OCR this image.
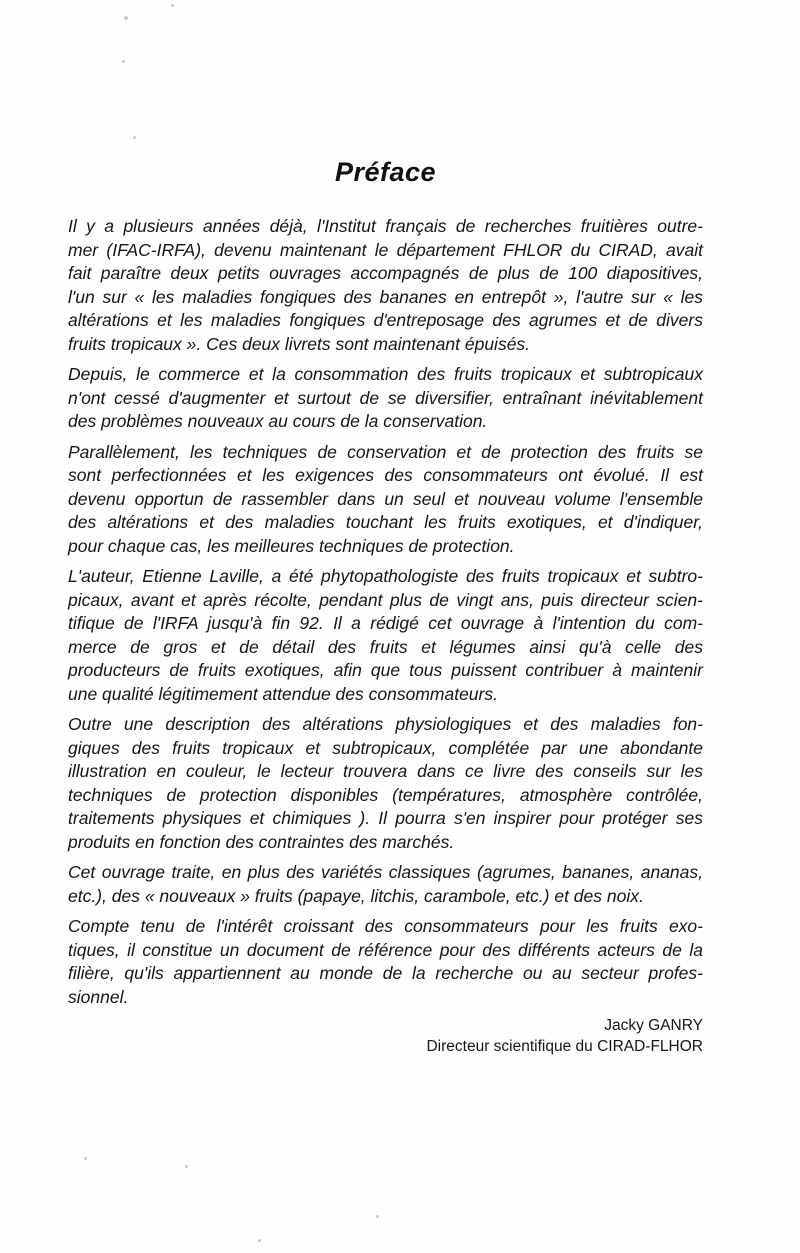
Préface
Il y a plusieurs années déjà, l'Institut français de recherches fruitières outre-
mer (IFAC-IRFA), devenu maintenant le département FHLOR du CIRAD, avait
fait paraître deux petits ouvrages accompagnés de plus de 100 diapositives,
l'un sur « les maladies fongiques des bananes en entrepôt », l'autre sur « les
altérations et les maladies fongiques d'entreposage des agrumes et de divers
fruits tropicaux ». Ces deux livrets sont maintenant épuisés.
Depuis, le commerce et la consommation des fruits tropicaux et subtropicaux
n'ont cessé d'augmenter et surtout de se diversifier, entraînant inévitablement
des problèmes nouveaux au cours de la conservation.
Parallèlement, les techniques de conservation et de protection des fruits se
sont perfectionnées et les exigences des consommateurs ont évolué. Il est
devenu opportun de rassembler dans un seul et nouveau volume l'ensemble
des altérations et des maladies touchant les fruits exotiques, et d'indiquer,
pour chaque cas, les meilleures techniques de protection.
L'auteur, Etienne Laville, a été phytopathologiste des fruits tropicaux et subtro-
picaux, avant et après récolte, pendant plus de vingt ans, puis directeur scien-
tifique de l'IRFA jusqu'à fin 92. Il a rédigé cet ouvrage à l'intention du com-
merce de gros et de détail des fruits et légumes ainsi qu'à celle des
producteurs de fruits exotiques, afin que tous puissent contribuer à maintenir
une qualité légitimement attendue des consommateurs.
Outre une description des altérations physiologiques et des maladies fon-
giques des fruits tropicaux et subtropicaux, complétée par une abondante
illustration en couleur, le lecteur trouvera dans ce livre des conseils sur les
techniques de protection disponibles (températures, atmosphère contrôlée,
traitements physiques et chimiques ). Il pourra s'en inspirer pour protéger ses
produits en fonction des contraintes des marchés.
Cet ouvrage traite, en plus des variétés classiques (agrumes, bananes, ananas,
etc.), des « nouveaux » fruits (papaye, litchis, carambole, etc.) et des noix.
Compte tenu de l'intérêt croissant des consommateurs pour les fruits exo-
tiques, il constitue un document de référence pour des différents acteurs de la
filière, qu'ils appartiennent au monde de la recherche ou au secteur profes-
sionnel.
Jacky GANRY
Directeur scientifique du CIRAD-FLHOR
